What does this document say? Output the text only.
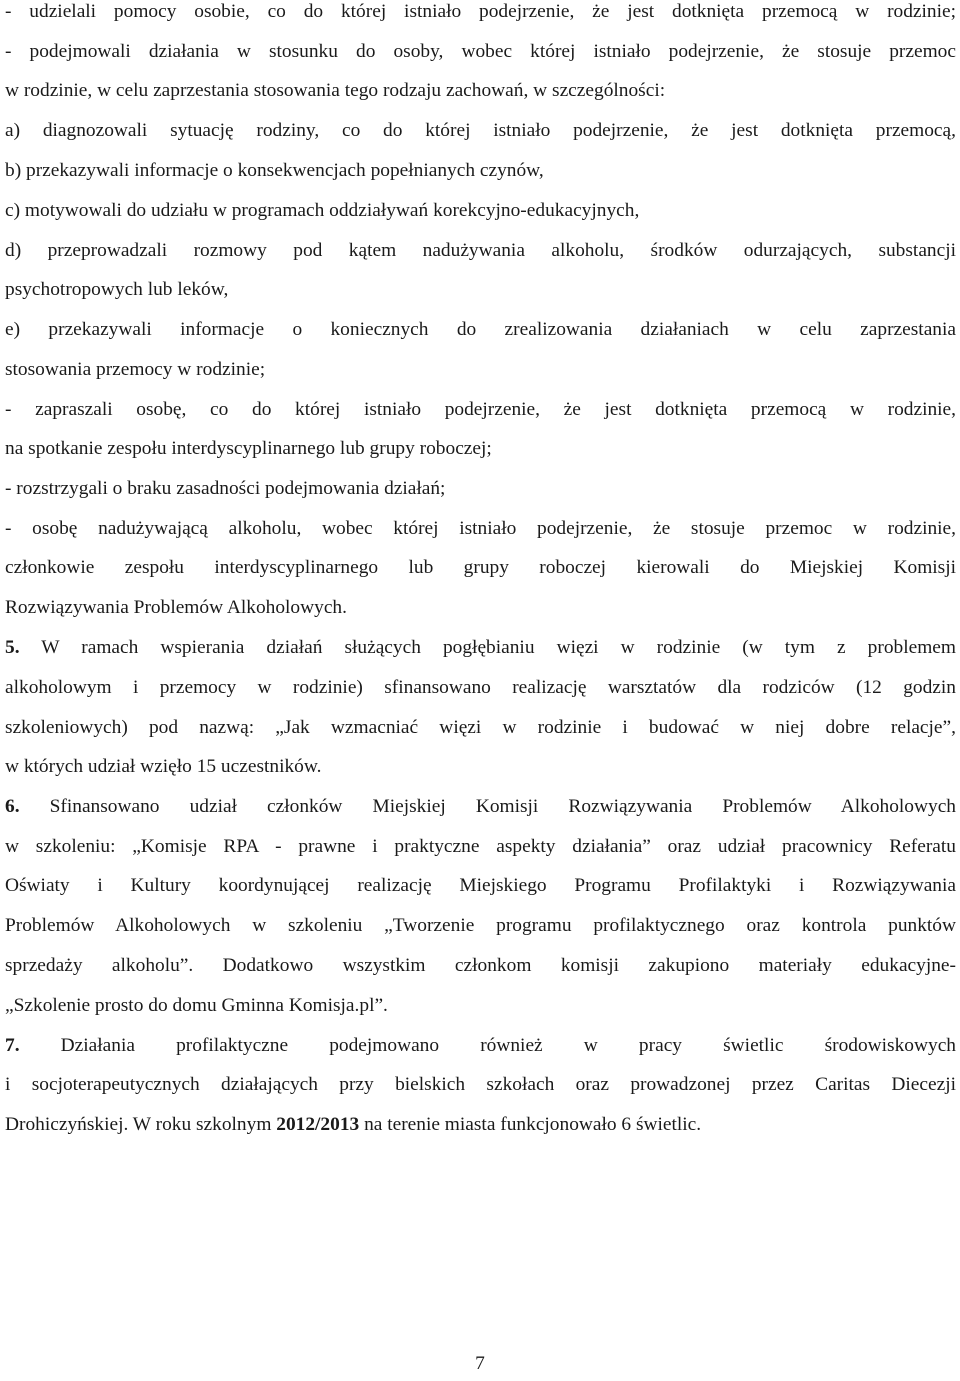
- udzielali pomocy osobie, co do której istniało podejrzenie, że jest dotknięta przemocą w rodzinie;
- podejmowali działania w stosunku do osoby, wobec której istniało podejrzenie, że stosuje przemoc
w rodzinie, w celu zaprzestania stosowania tego rodzaju zachowań, w szczególności:
a) diagnozowali sytuację rodziny, co do której istniało podejrzenie, że jest dotknięta przemocą,
b) przekazywali informacje o konsekwencjach popełnianych czynów,
c) motywowali do udziału w programach oddziaływań korekcyjno-edukacyjnych,
d) przeprowadzali rozmowy pod kątem nadużywania alkoholu, środków odurzających, substancji
psychotropowych lub leków,
e) przekazywali informacje o koniecznych do zrealizowania działaniach w celu zaprzestania
stosowania przemocy w rodzinie;
- zapraszali osobę, co do której istniało podejrzenie, że jest dotknięta przemocą w rodzinie,
na spotkanie zespołu interdyscyplinarnego lub grupy roboczej;
- rozstrzygali o braku zasadności podejmowania działań;
- osobę nadużywającą alkoholu, wobec której istniało podejrzenie, że stosuje przemoc w rodzinie,
członkowie zespołu interdyscyplinarnego lub grupy roboczej kierowali do Miejskiej Komisji
Rozwiązywania Problemów Alkoholowych.
5. W ramach wspierania działań służących pogłębianiu więzi w rodzinie (w tym z problemem
alkoholowym i przemocy w rodzinie) sfinansowano realizację warsztatów dla rodziców (12 godzin
szkoleniowych) pod nazwą: „Jak wzmacniać więzi w rodzinie i budować w niej dobre relacje”,
w których udział wzięło 15 uczestników.
6. Sfinansowano udział członków Miejskiej Komisji Rozwiązywania Problemów Alkoholowych
w szkoleniu: „Komisje RPA - prawne i praktyczne aspekty działania” oraz udział pracownicy Referatu
Oświaty i Kultury koordynującej realizację Miejskiego Programu Profilaktyki i Rozwiązywania
Problemów Alkoholowych w szkoleniu „Tworzenie programu profilaktycznego oraz kontrola punktów
sprzedaży alkoholu”. Dodatkowo wszystkim członkom komisji zakupiono materiały edukacyjne-
„Szkolenie prosto do domu Gminna Komisja.pl”.
7. Działania profilaktyczne podejmowano również w pracy świetlic środowiskowych
i socjoterapeutycznych działających przy bielskich szkołach oraz prowadzonej przez Caritas Diecezji
Drohiczyńskiej. W roku szkolnym 2012/2013 na terenie miasta funkcjonowało 6 świetlic.
7
